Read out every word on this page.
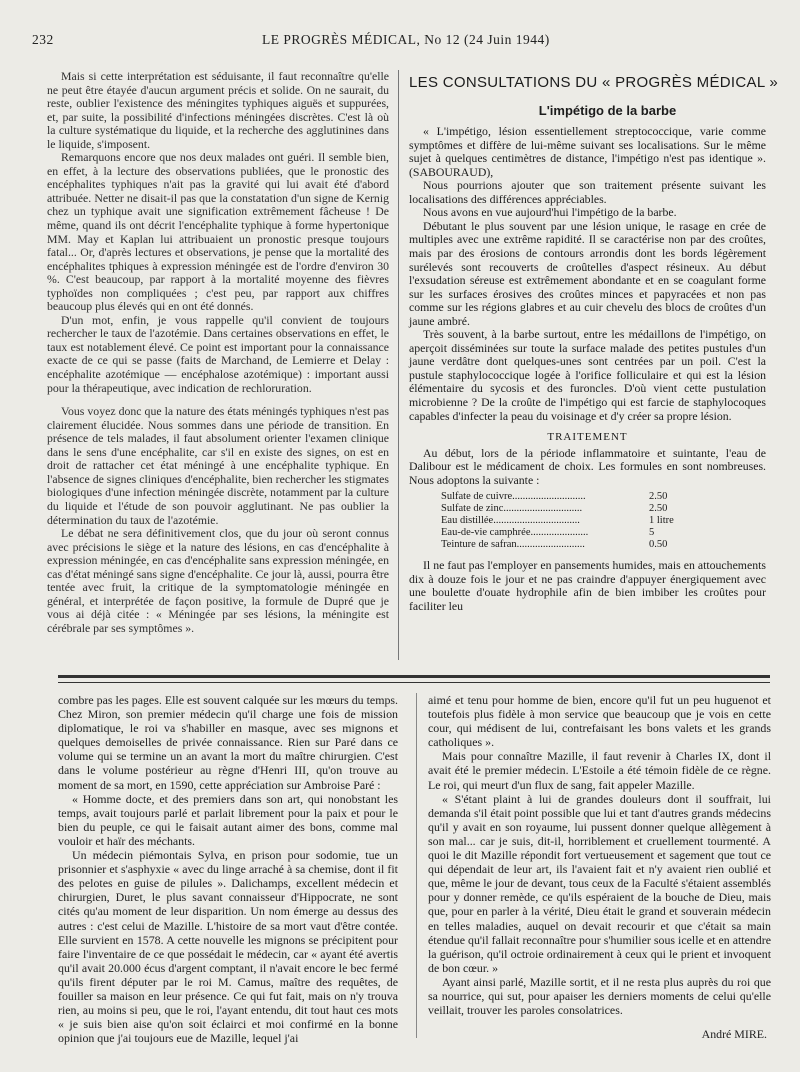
232	LE PROGRÈS MÉDICAL, No 12 (24 Juin 1944)

Mais si cette interprétation est séduisante, il faut reconnaître qu'elle ne peut être étayée d'aucun argument précis et solide. On ne saurait, du reste, oublier l'existence des méningites typhiques aiguës et suppurées, et, par suite, la possibilité d'infections méningées discrètes. C'est là où la culture systématique du liquide, et la recherche des agglutinines dans le liquide, s'imposent.

Remarquons encore que nos deux malades ont guéri. Il semble bien, en effet, à la lecture des observations publiées, que le pronostic des encéphalites typhiques n'ait pas la gravité qui lui avait été d'abord attribuée. Netter ne disait-il pas que la constatation d'un signe de Kernig chez un typhique avait une signification extrêmement fâcheuse ! De même, quand ils ont décrit l'encéphalite typhique à forme hypertonique MM. May et Kaplan lui attribuaient un pronostic presque toujours fatal... Or, d'après lectures et observations, je pense que la mortalité des encéphalites tphiques à expression méningée est de l'ordre d'environ 30 %. C'est beaucoup, par rapport à la mortalité moyenne des fièvres typhoïdes non compliquées ; c'est peu, par rapport aux chiffres beaucoup plus élevés qui en ont été donnés.

D'un mot, enfin, je vous rappelle qu'il convient de toujours rechercher le taux de l'azotémie. Dans certaines observations en effet, le taux est notablement élevé. Ce point est important pour la connaissance exacte de ce qui se passe (faits de Marchand, de Lemierre et Delay : encéphalite azotémique — encéphalose azotémique) : important aussi pour la thérapeutique, avec indication de rechloruration.

Vous voyez donc que la nature des états méningés typhiques n'est pas clairement élucidée. Nous sommes dans une période de transition. En présence de tels malades, il faut absolument orienter l'examen clinique dans le sens d'une encéphalite, car s'il en existe des signes, on est en droit de rattacher cet état méningé à une encéphalite typhique. En l'absence de signes cliniques d'encéphalite, bien rechercher les stigmates biologiques d'une infection méningée discrète, notamment par la culture du liquide et l'étude de son pouvoir agglutinant. Ne pas oublier la détermination du taux de l'azotémie.

Le débat ne sera définitivement clos, que du jour où seront connus avec précisions le siège et la nature des lésions, en cas d'encéphalite à expression méningée, en cas d'encéphalite sans expression méningée, en cas d'état méningé sans signe d'encéphalite. Ce jour là, aussi, pourra être tentée avec fruit, la critique de la symptomatologie méningée en général, et interprétée de façon positive, la formule de Dupré que je vous ai déjà citée : « Méningée par ses lésions, la méningite est cérébrale par ses symptômes ».

LES CONSULTATIONS DU « PROGRÈS MÉDICAL »
L'impétigo de la barbe

« L'impétigo, lésion essentiellement streptococcique, varie comme symptômes et diffère de lui-même suivant ses localisations. Sur le même sujet à quelques centimètres de distance, l'impétigo n'est pas identique ». (SABOURAUD),

Nous pourrions ajouter que son traitement présente suivant les localisations des différences appréciables.

Nous avons en vue aujourd'hui l'impétigo de la barbe.

Débutant le plus souvent par une lésion unique, le rasage en crée de multiples avec une extrême rapidité. Il se caractérise non par des croûtes, mais par des érosions de contours arrondis dont les bords légèrement surélevés sont recouverts de croûtelles d'aspect résineux. Au début l'exsudation séreuse est extrêmement abondante et en se coagulant forme sur les surfaces érosives des croûtes minces et papyracées et non pas comme sur les régions glabres et au cuir chevelu des blocs de croûtes d'un jaune ambré.

Très souvent, à la barbe surtout, entre les médaillons de l'impétigo, on aperçoit disséminées sur toute la surface malade des petites pustules d'un jaune verdâtre dont quelques-unes sont centrées par un poil. C'est la pustule staphylococcique logée à l'orifice folliculaire et qui est la lésion élémentaire du sycosis et des furoncles. D'où vient cette pustulation microbienne ? De la croûte de l'impétigo qui est farcie de staphylocoques capables d'infecter la peau du voisinage et d'y créer sa propre lésion.

TRAITEMENT

Au début, lors de la période inflammatoire et suintante, l'eau de Dalibour est le médicament de choix. Les formules en sont nombreuses. Nous adoptons la suivante :

Sulfate de cuivre............................	2.50
Sulfate de zinc..............................	2.50
Eau distillée.................................	1 litre
Eau-de-vie camphrée......................	5
Teinture de safran..........................	0.50

Il ne faut pas l'employer en pansements humides, mais en attouchements dix à douze fois le jour et ne pas craindre d'appuyer énergiquement avec une boulette d'ouate hydrophile afin de bien imbiber les croûtes pour faciliter leu

combre pas les pages. Elle est souvent calquée sur les mœurs du temps. Chez Miron, son premier médecin qu'il charge une fois de mission diplomatique, le roi va s'habiller en masque, avec ses mignons et quelques demoiselles de privée connaissance. Rien sur Paré dans ce volume qui se termine un an avant la mort du maître chirurgien. C'est dans le volume postérieur au règne d'Henri III, qu'on trouve au moment de sa mort, en 1590, cette appréciation sur Ambroise Paré :

« Homme docte, et des premiers dans son art, qui nonobstant les temps, avait toujours parlé et parlait librement pour la paix et pour le bien du peuple, ce qui le faisait autant aimer des bons, comme mal vouloir et haïr des méchants.

Un médecin piémontais Sylva, en prison pour sodomie, tue un prisonnier et s'asphyxie « avec du linge arraché à sa chemise, dont il fit des pelotes en guise de pilules ». Dalichamps, excellent médecin et chirurgien, Duret, le plus savant connaisseur d'Hippocrate, ne sont cités qu'au moment de leur disparition. Un nom émerge au dessus des autres : c'est celui de Mazille. L'histoire de sa mort vaut d'être contée. Elle survient en 1578. A cette nouvelle les mignons se précipitent pour faire l'inventaire de ce que possédait le médecin, car « ayant été avertis qu'il avait 20.000 écus d'argent comptant, il n'avait encore le bec fermé qu'ils firent députer par le roi M. Camus, maître des requêtes, de fouiller sa maison en leur présence. Ce qui fut fait, mais on n'y trouva rien, au moins si peu, que le roi, l'ayant entendu, dit tout haut ces mots « je suis bien aise qu'on soit éclairci et moi confirmé en la bonne opinion que j'ai toujours eue de Mazille, lequel j'ai

aimé et tenu pour homme de bien, encore qu'il fut un peu huguenot et toutefois plus fidèle à mon service que beaucoup que je vois en cette cour, qui médisent de lui, contrefaisant les bons valets et les grands catholiques ».

Mais pour connaître Mazille, il faut revenir à Charles IX, dont il avait été le premier médecin. L'Estoile a été témoin fidèle de ce règne. Le roi, qui meurt d'un flux de sang, fait appeler Mazille.

« S'étant plaint à lui de grandes douleurs dont il souffrait, lui demanda s'il était point possible que lui et tant d'autres grands médecins qu'il y avait en son royaume, lui pussent donner quelque allègement à son mal... car je suis, dit-il, horriblement et cruellement tourmenté. A quoi le dit Mazille répondit fort vertueusement et sagement que tout ce qui dépendait de leur art, ils l'avaient fait et n'y avaient rien oublié et que, même le jour de devant, tous ceux de la Faculté s'étaient assemblés pour y donner remède, ce qu'ils espéraient de la bouche de Dieu, mais que, pour en parler à la vérité, Dieu était le grand et souverain médecin en telles maladies, auquel on devait recourir et que c'était sa main étendue qu'il fallait reconnaître pour s'humilier sous icelle et en attendre la guérison, qu'il octroie ordinairement à ceux qui le prient et invoquent de bon cœur. »

Ayant ainsi parlé, Mazille sortit, et il ne resta plus auprès du roi que sa nourrice, qui sut, pour apaiser les derniers moments de celui qu'elle veillait, trouver les paroles consolatrices.

André MIRE.
